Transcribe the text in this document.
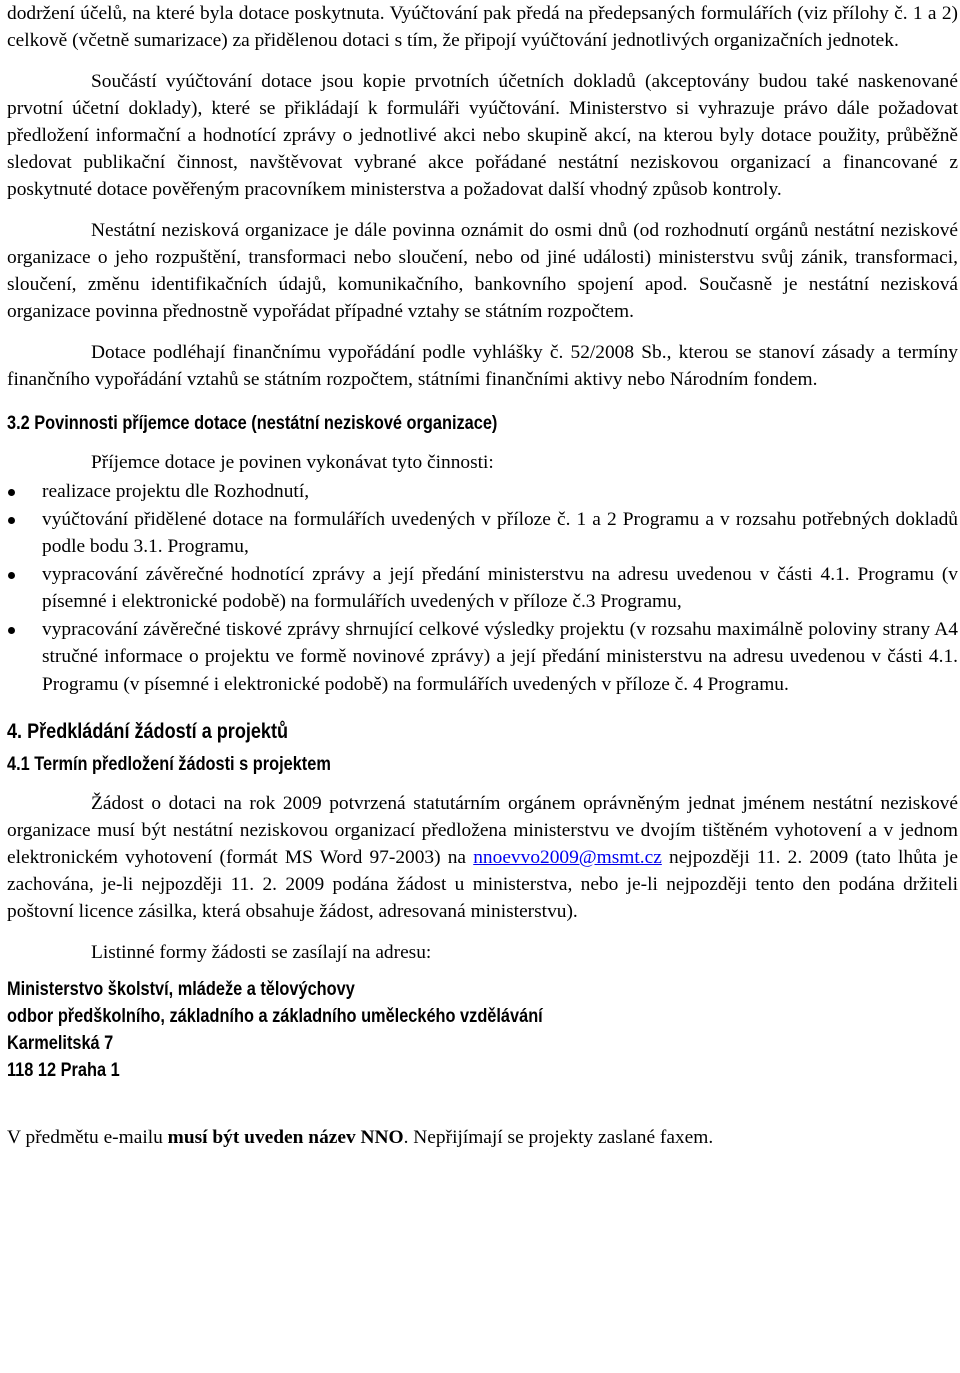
dodržení účelů, na které byla dotace poskytnuta. Vyúčtování pak předá na předepsaných formulářích (viz přílohy č. 1 a 2) celkově (včetně sumarizace) za přidělenou dotaci s tím, že připojí vyúčtování jednotlivých organizačních jednotek.

Součástí vyúčtování dotace jsou kopie prvotních účetních dokladů (akceptovány budou také naskenované prvotní účetní doklady), které se přikládají k formuláři vyúčtování. Ministerstvo si vyhrazuje právo dále požadovat předložení informační a hodnotící zprávy o jednotlivé akci nebo skupině akcí, na kterou byly dotace použity, průběžně sledovat publikační činnost, navštěvovat vybrané akce pořádané nestátní neziskovou organizací a financované z poskytnuté dotace pověřeným pracovníkem ministerstva a požadovat další vhodný způsob kontroly.

Nestátní nezisková organizace je dále povinna oznámit do osmi dnů (od rozhodnutí orgánů nestátní neziskové organizace o jeho rozpuštění, transformaci nebo sloučení, nebo od jiné události) ministerstvu svůj zánik, transformaci, sloučení, změnu identifikačních údajů, komunikačního, bankovního spojení apod. Současně je nestátní nezisková organizace povinna přednostně vypořádat případné vztahy se státním rozpočtem.

Dotace podléhají finančnímu vypořádání podle vyhlášky č. 52/2008 Sb., kterou se stanoví zásady a termíny finančního vypořádání vztahů se státním rozpočtem, státními finančními aktivy nebo Národním fondem.

3.2 Povinnosti příjemce dotace (nestátní neziskové organizace)

Příjemce dotace je povinen vykonávat tyto činnosti:

realizace projektu dle Rozhodnutí,
vyúčtování přidělené dotace na formulářích uvedených v příloze č. 1 a 2 Programu a v rozsahu potřebných dokladů podle bodu 3.1. Programu,
vypracování závěrečné hodnotící zprávy a její předání ministerstvu na adresu uvedenou v části 4.1. Programu (v písemné i elektronické podobě) na formulářích uvedených v příloze č.3 Programu,
vypracování závěrečné tiskové zprávy shrnující celkové výsledky projektu (v rozsahu maximálně poloviny strany A4 stručné informace o projektu ve formě novinové zprávy) a její předání ministerstvu na adresu uvedenou v části 4.1. Programu (v písemné i elektronické podobě) na formulářích uvedených v příloze č. 4 Programu.
4. Předkládání žádostí a projektů
4.1 Termín předložení žádosti s projektem

Žádost o dotaci na rok 2009 potvrzená statutárním orgánem oprávněným jednat jménem nestátní neziskové organizace musí být nestátní neziskovou organizací předložena ministerstvu ve dvojím tištěném vyhotovení a v jednom elektronickém vyhotovení (formát MS Word 97-2003) na nnoevvo2009@msmt.cz nejpozději 11. 2. 2009 (tato lhůta je zachována, je-li nejpozději 11. 2. 2009 podána žádost u ministerstva, nebo je-li nejpozději tento den podána držiteli poštovní licence zásilka, která obsahuje žádost, adresovaná ministerstvu).

Listinné formy žádosti se zasílají na adresu:

Ministerstvo školství, mládeže a tělovýchovy
odbor předškolního, základního a základního uměleckého vzdělávání
Karmelitská 7
118 12 Praha 1

V předmětu e-mailu musí být uveden název NNO. Nepřijímají se projekty zaslané faxem.
